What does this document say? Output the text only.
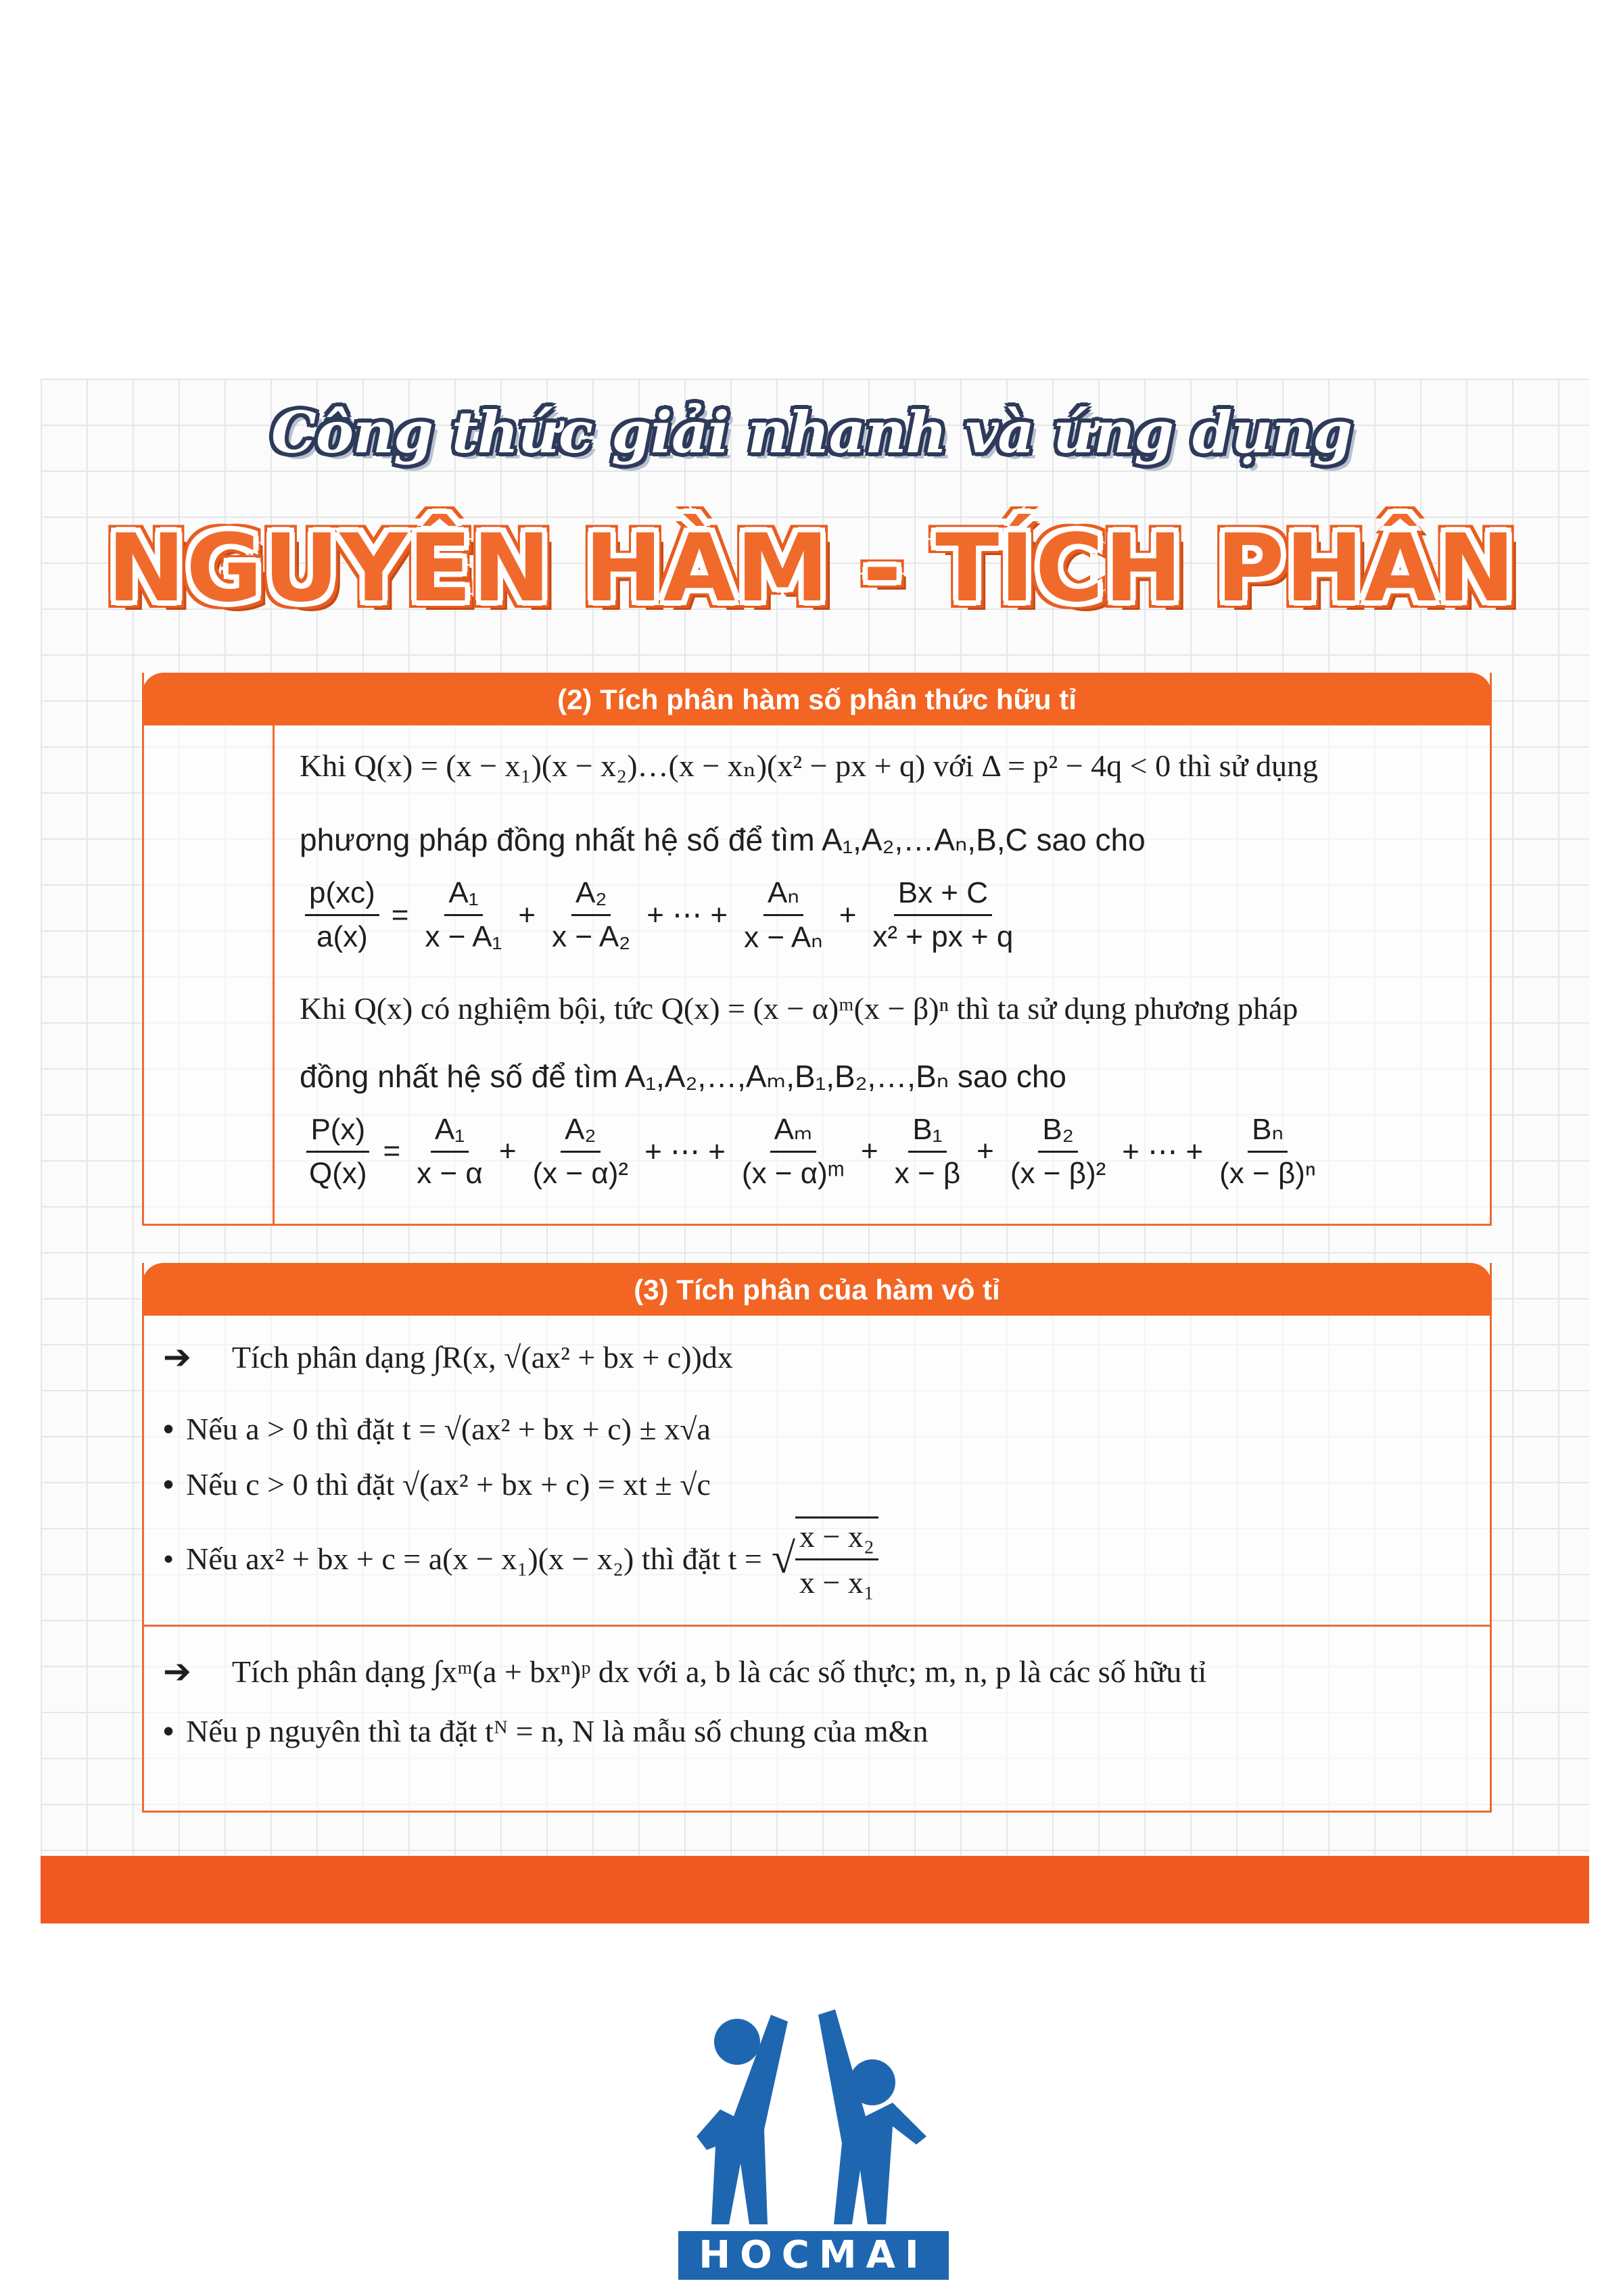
Công thức giải nhanh và ứng dụng
NGUYÊN HÀM - TÍCH PHÂN
(2) Tích phân hàm số phân thức hữu tỉ
Khi Q(x) = (x − x₁)(x − x₂)…(x − xₙ)(x² − px + q) với Δ = p² − 4q < 0 thì sử dụng
phương pháp đồng nhất hệ số để tìm A₁,A₂,…Aₙ,B,C sao cho
$\frac{p(xc)}{a(x)} = \frac{\text{A₁}}{\text{x − A₁}} + \frac{\text{A₂}}{\text{x − A₂}}$ + ⋯ + $\frac{\text{Aₙ}}{\text{x − Aₙ}} + \frac{Bx + C}{\text{x² + px + q}}$
Khi Q(x) có nghiệm bội, tức Q(x) = (x − α)ᵐ(x − β)ⁿ thì ta sử dụng phương pháp
đồng nhất hệ số để tìm A₁,A₂,…,Aₘ,B₁,B₂,…,Bₙ sao cho
$\frac{P(x)}{Q(x)} = \frac{\text{A₁}}{x - \alpha} + \frac{\text{A₂}}{\text{(x − α)²}}$ + ⋯ + $\frac{\text{Aₘ}}{\text{(x − α)ᵐ}} + \frac{\text{B₁}}{x - \beta} + \frac{\text{B₂}}{\text{(x − β)²}}$ + ⋯ + $\frac{\text{Bₙ}}{\text{(x − β)ⁿ}}$
(3) Tích phân của hàm vô tỉ
➔ Tích phân dạng ∫R(x, √(ax² + bx + c))dx
• Nếu a > 0 thì đặt t = √(ax² + bx + c) ± x√a
• Nếu c > 0 thì đặt √(ax² + bx + c) = xt ± √c
• Nếu ax² + bx + c = a(x − x₁)(x − x₂) thì đặt t = √ $\frac{\text{x − x₂}}{\text{x − x₁}}$
➔ Tích phân dạng ∫xᵐ(a + bxⁿ)ᵖ dx với a, b là các số thực; m, n, p là các số hữu tỉ
• Nếu p nguyên thì ta đặt tᴺ = n, N là mẫu số chung của m&n
HOCMAI
